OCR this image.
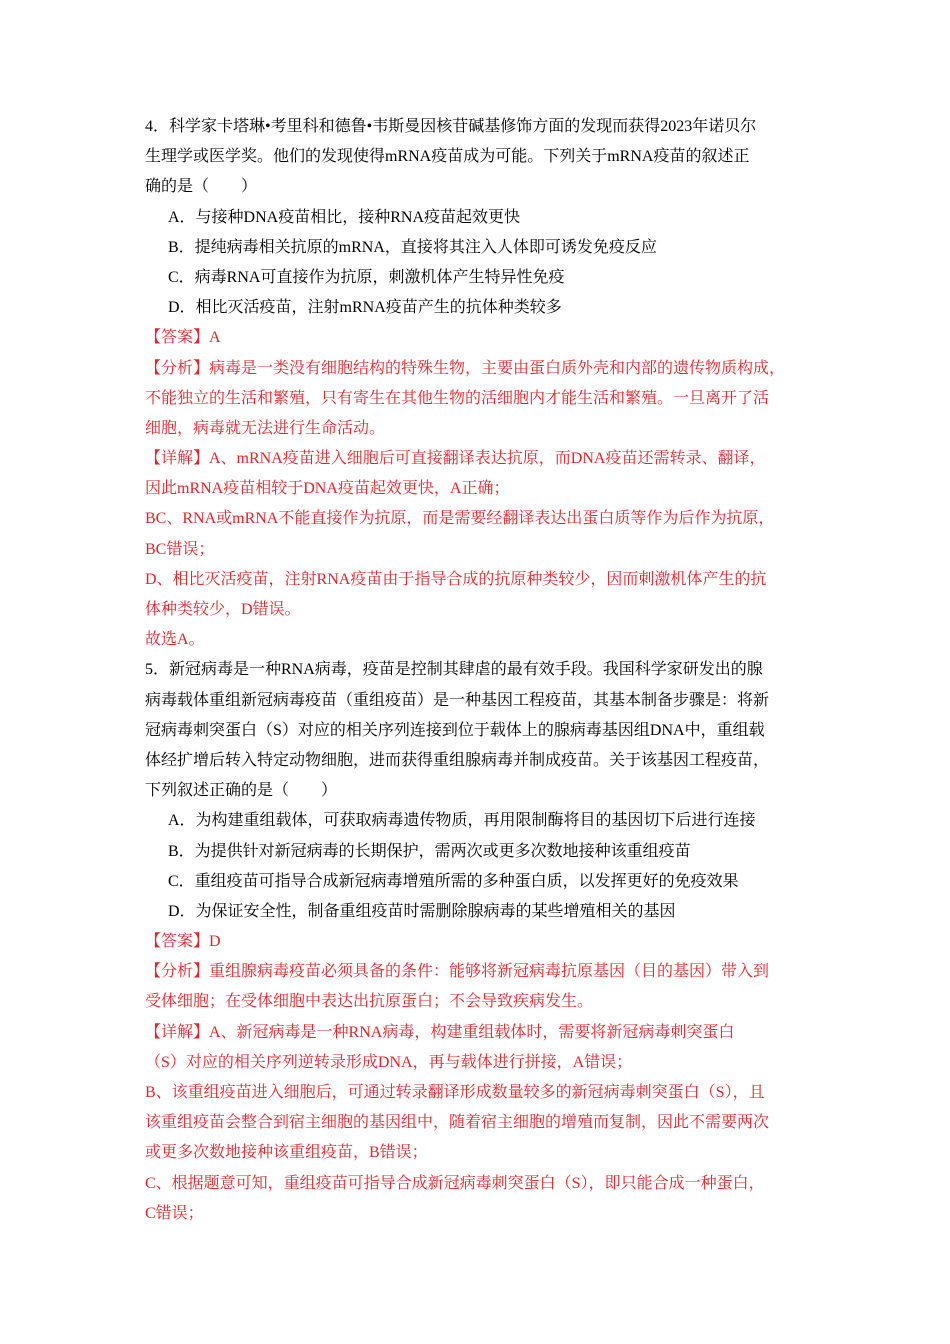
4．科学家卡塔琳•考里科和德鲁•韦斯曼因核苷碱基修饰方面的发现而获得2023年诺贝尔
生理学或医学奖。他们的发现使得mRNA疫苗成为可能。下列关于mRNA疫苗的叙述正
确的是（　　）
A．与接种DNA疫苗相比，接种RNA疫苗起效更快
B．提纯病毒相关抗原的mRNA，直接将其注入人体即可诱发免疫反应
C．病毒RNA可直接作为抗原，刺激机体产生特异性免疫
D．相比灭活疫苗，注射mRNA疫苗产生的抗体种类较多
【答案】A
【分析】病毒是一类没有细胞结构的特殊生物，主要由蛋白质外壳和内部的遗传物质构成，
不能独立的生活和繁殖，只有寄生在其他生物的活细胞内才能生活和繁殖。一旦离开了活
细胞，病毒就无法进行生命活动。
【详解】A、mRNA疫苗进入细胞后可直接翻译表达抗原，而DNA疫苗还需转录、翻译，
因此mRNA疫苗相较于DNA疫苗起效更快，A正确；
BC、RNA或mRNA不能直接作为抗原，而是需要经翻译表达出蛋白质等作为后作为抗原，
BC错误；
D、相比灭活疫苗，注射RNA疫苗由于指导合成的抗原种类较少，因而刺激机体产生的抗
体种类较少，D错误。
故选A。
5．新冠病毒是一种RNA病毒，疫苗是控制其肆虐的最有效手段。我国科学家研发出的腺
病毒载体重组新冠病毒疫苗（重组疫苗）是一种基因工程疫苗，其基本制备步骤是：将新
冠病毒刺突蛋白（S）对应的相关序列连接到位于载体上的腺病毒基因组DNA中，重组载
体经扩增后转入特定动物细胞，进而获得重组腺病毒并制成疫苗。关于该基因工程疫苗，
下列叙述正确的是（　　）
A．为构建重组载体，可获取病毒遗传物质，再用限制酶将目的基因切下后进行连接
B．为提供针对新冠病毒的长期保护，需两次或更多次数地接种该重组疫苗
C．重组疫苗可指导合成新冠病毒增殖所需的多种蛋白质，以发挥更好的免疫效果
D．为保证安全性，制备重组疫苗时需删除腺病毒的某些增殖相关的基因
【答案】D
【分析】重组腺病毒疫苗必须具备的条件：能够将新冠病毒抗原基因（目的基因）带入到
受体细胞；在受体细胞中表达出抗原蛋白；不会导致疾病发生。
【详解】A、新冠病毒是一种RNA病毒，构建重组载体时，需要将新冠病毒刺突蛋白
（S）对应的相关序列逆转录形成DNA，再与载体进行拼接，A错误；
B、该重组疫苗进入细胞后，可通过转录翻译形成数量较多的新冠病毒刺突蛋白（S），且
该重组疫苗会整合到宿主细胞的基因组中，随着宿主细胞的增殖而复制，因此不需要两次
或更多次数地接种该重组疫苗，B错误；
C、根据题意可知，重组疫苗可指导合成新冠病毒刺突蛋白（S），即只能合成一种蛋白，
C错误；
